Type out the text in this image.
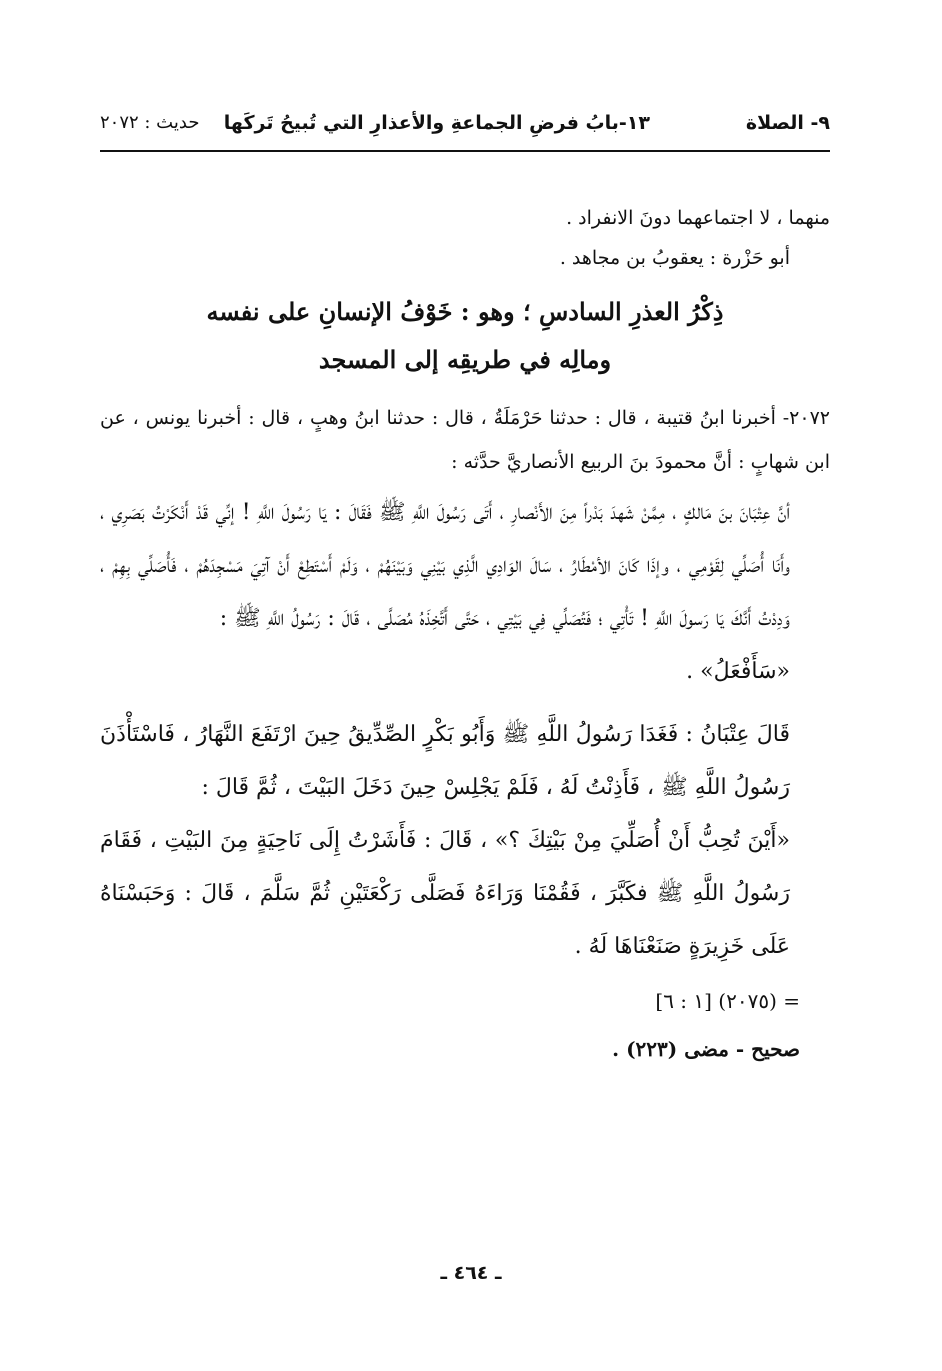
٩- الصلاة
١٣-بابُ فرضِ الجماعةِ والأعذارِ التي تُبيحُ تَركَها
حديث : ٢٠٧٢

منهما ، لا اجتماعهما دونَ الانفراد .

أبو حَزْرة : يعقوبُ بن مجاهد .

ذِكْرُ العذرِ السادسِ ؛ وهو : خَوْفُ الإنسانِ على نفسه

ومالِه في طريقِه إلى المسجد

٢٠٧٢- أخبرنا ابنُ قتيبة ، قال : حدثنا حَرْمَلَةُ ، قال : حدثنا ابنُ وهبٍ ، قال : أخبرنا يونس ، عن ابن شهابٍ : أنَّ محمودَ بنَ الربيع الأنصاريَّ حدَّثه :

أنَّ عِتْبَانَ بنَ مَالكٍ ، مِمَّنْ شَهدَ بَدْراً مِنَ الأَنْصارِ ، أَتَى رَسُولَ اللَّهِ ﷺ فَقَالَ : يَا رَسُولَ اللَّهِ ! إنِّي قَدْ أَنْكَرْتُ بَصَرِي ، وأَنَا أُصَلِّي لِقَوْمِي ، وإذَا كَانَ الأمْطَارُ ، سَالَ الوَادِي الَّذِي بَيْنِي وَبَيْنَهُمْ ، وَلَمْ أَسْتَطِعْ أَنْ آتِيَ مَسْجِدَهُمْ ، فَأُصَلِّي بِهِمْ ، وَدِدْتُ أَنَّكَ يَا رَسولَ اللَّهِ ! تَأْتِي ؛ فَتُصَلِّي فِي بَيْتِي ، حَتَّى أَتَّخِذَهُ مُصَلَّى ، قَالَ : رَسُولُ اللَّهِ ﷺ :

«سَأَفْعَلُ» .

قَالَ عِتْبَانُ : فَغَدَا رَسُولُ اللَّهِ ﷺ وَأَبُو بَكْرٍ الصِّدِّيقُ حِينَ ارْتَفَعَ النَّهَارُ ، فَاسْتَأْذَنَ رَسُولُ اللَّهِ ﷺ ، فَأَذِنْتُ لَهُ ، فَلَمْ يَجْلِسْ حِينَ دَخَلَ البَيْتَ ، ثُمَّ قَالَ :

«أَيْنَ تُحِبُّ أَنْ أُصَلِّيَ مِنْ بَيْتِكَ ؟» ، قَالَ : فَأَشَرْتُ إِلَى نَاحِيَةٍ مِنَ البَيْتِ ، فَقَامَ رَسُولُ اللَّهِ ﷺ فكَبَّرَ ، فَقُمْنَا وَرَاءَهُ فَصَلَّى رَكْعَتَيْنِ ثُمَّ سَلَّمَ ، قَالَ : وَحَبَسْنَاهُ عَلَى خَزِيرَةٍ صَنَعْنَاهَا لَهُ .

= (٢٠٧٥) [١ : ٦]

صحيح - مضى (٢٢٣) .

ـ ٤٦٤ ـ
